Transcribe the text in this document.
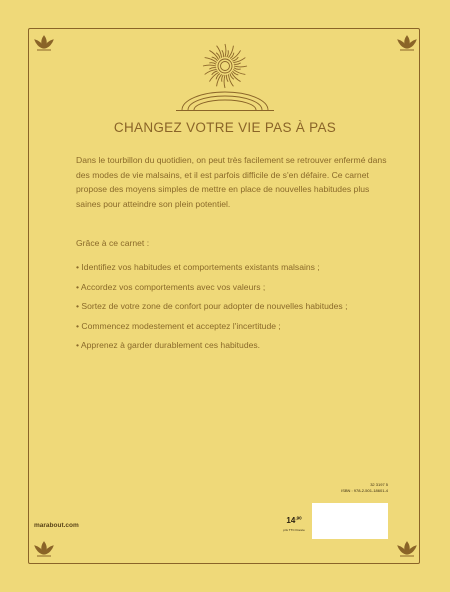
CHANGEZ VOTRE VIE PAS À PAS

Dans le tourbillon du quotidien, on peut très facilement se retrouver enfermé dans des modes de vie malsains, et il est parfois difficile de s'en défaire. Ce carnet propose des moyens simples de mettre en place de nouvelles habitudes plus saines pour atteindre son plein potentiel.

Grâce à ce carnet :

• Identifiez vos habitudes et comportements existants malsains ;
• Accordez vos comportements avec vos valeurs ;
• Sortez de votre zone de confort pour adopter de nouvelles habitudes ;
• Commencez modestement et acceptez l'incertitude ;
• Apprenez à garder durablement ces habitudes.
marabout.com
32 3197 5
ISBN : 978-2-501-18601-4
$14^{,90}$
prix TTC France
